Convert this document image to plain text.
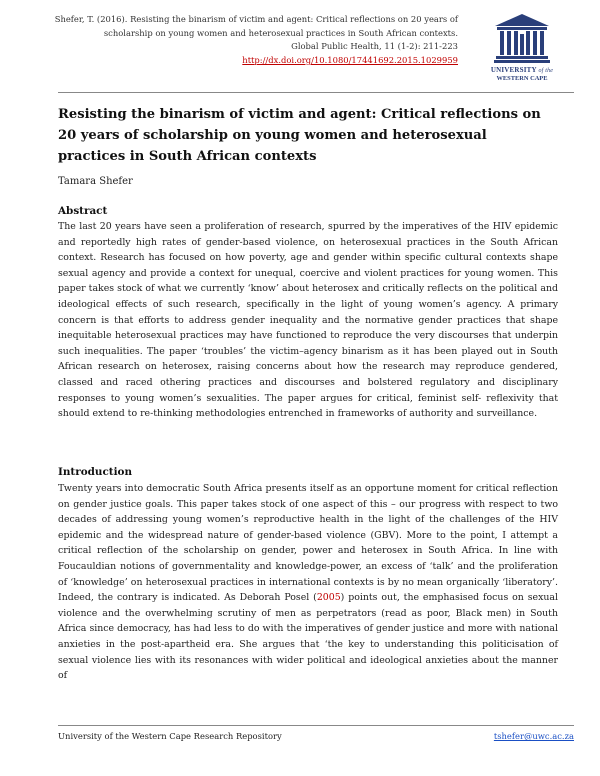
Shefer, T. (2016). Resisting the binarism of victim and agent: Critical reflections on 20 years of
scholarship on young women and heterosexual practices in South African contexts.
Global Public Health, 11 (1-2): 211-223
http://dx.doi.org/10.1080/17441692.2015.1029959
UNIVERSITY of the
WESTERN CAPE
Resisting the binarism of victim and agent: Critical reflections on 20 years of scholarship on young women and heterosexual practices in South African contexts

Tamara Shefer

Abstract

The last 20 years have seen a proliferation of research, spurred by the imperatives of the HIV epidemic and reportedly high rates of gender-based violence, on heterosexual practices in the South African context. Research has focused on how poverty, age and gender within specific cultural contexts shape sexual agency and provide a context for unequal, coercive and violent practices for young women. This paper takes stock of what we currently ‘know’ about heterosex and critically reflects on the political and ideological effects of such research, specifically in the light of young women’s agency. A primary concern is that efforts to address gender inequality and the normative gender practices that shape inequitable heterosexual practices may have functioned to reproduce the very discourses that underpin such inequalities. The paper ‘troubles’ the victim–agency binarism as it has been played out in South African research on heterosex, raising concerns about how the research may reproduce gendered, classed and raced othering practices and discourses and bolstered regulatory and disciplinary responses to young women’s sexualities. The paper argues for critical, feminist self- reflexivity that should extend to re-thinking methodologies entrenched in frameworks of authority and surveillance.

Introduction

Twenty years into democratic South Africa presents itself as an opportune moment for critical reflection on gender justice goals. This paper takes stock of one aspect of this – our progress with respect to two decades of addressing young women’s reproductive health in the light of the challenges of the HIV epidemic and the widespread nature of gender-based violence (GBV). More to the point, I attempt a critical reflection of the scholarship on gender, power and heterosex in South Africa. In line with Foucauldian notions of governmentality and knowledge-power, an excess of ‘talk’ and the proliferation of ‘knowledge’ on heterosexual practices in international contexts is by no mean organically ‘liberatory’. Indeed, the contrary is indicated. As Deborah Posel (2005) points out, the emphasised focus on sexual violence and the overwhelming scrutiny of men as perpetrators (read as poor, Black men) in South Africa since democracy, has had less to do with the imperatives of gender justice and more with national anxieties in the post-apartheid era. She argues that ‘the key to understanding this politicisation of sexual violence lies with its resonances with wider political and ideological anxieties about the manner of

University of the Western Cape Research Repository	tshefer@uwc.ac.za
